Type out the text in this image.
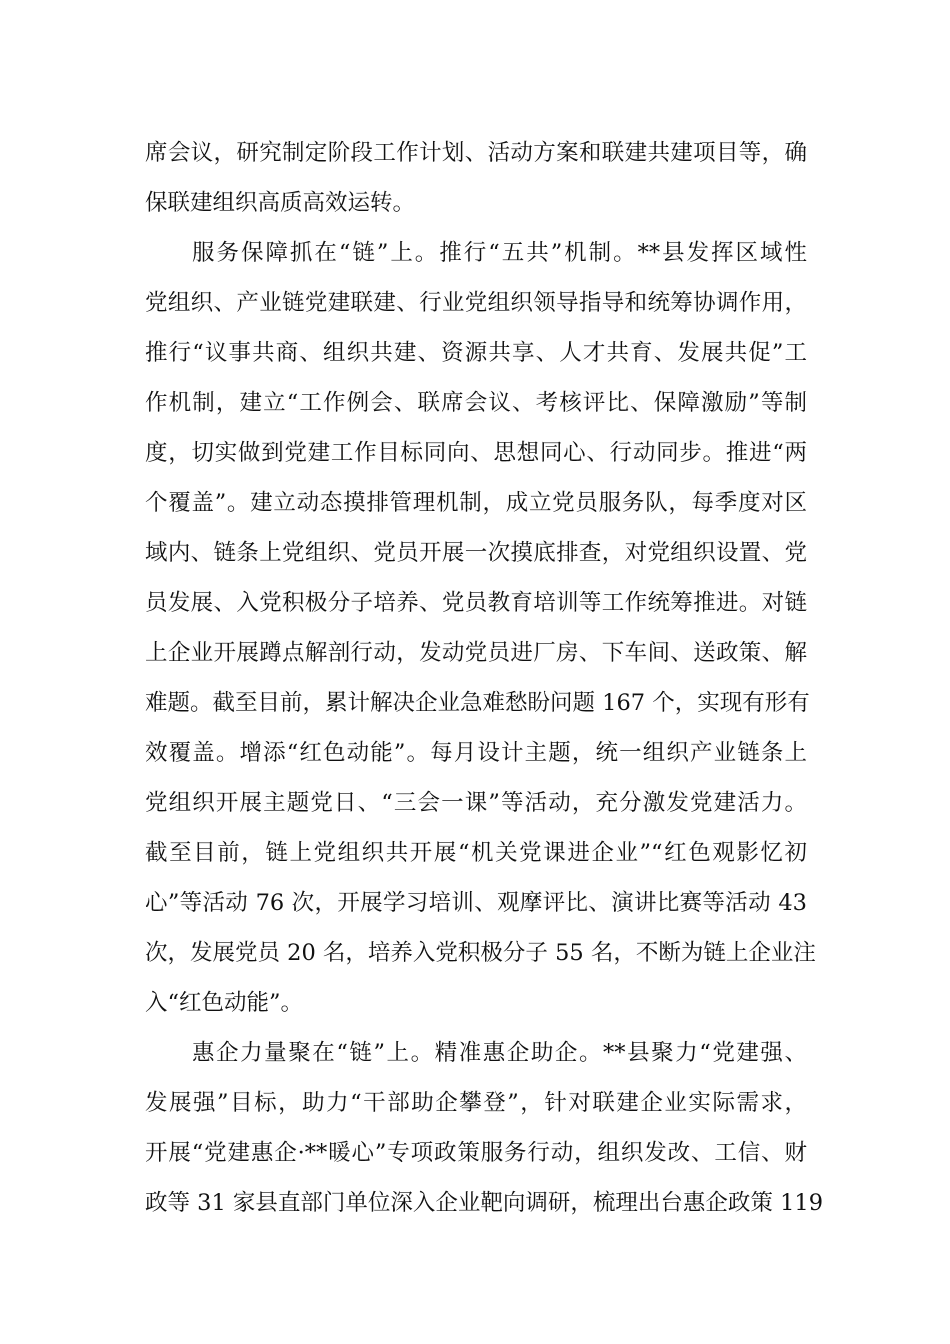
席会议，研究制定阶段工作计划、活动方案和联建共建项目等，确
保联建组织高质高效运转。
服务保障抓在“链”上。推行“五共”机制。**县发挥区域性
党组织、产业链党建联建、行业党组织领导指导和统筹协调作用，
推行“议事共商、组织共建、资源共享、人才共育、发展共促”工
作机制，建立“工作例会、联席会议、考核评比、保障激励”等制
度，切实做到党建工作目标同向、思想同心、行动同步。推进“两
个覆盖”。建立动态摸排管理机制，成立党员服务队，每季度对区
域内、链条上党组织、党员开展一次摸底排查，对党组织设置、党
员发展、入党积极分子培养、党员教育培训等工作统筹推进。对链
上企业开展蹲点解剖行动，发动党员进厂房、下车间、送政策、解
难题。截至目前，累计解决企业急难愁盼问题 167 个，实现有形有
效覆盖。增添“红色动能”。每月设计主题，统一组织产业链条上
党组织开展主题党日、“三会一课”等活动，充分激发党建活力。
截至目前，链上党组织共开展“机关党课进企业”“红色观影忆初
心”等活动 76 次，开展学习培训、观摩评比、演讲比赛等活动 43
次，发展党员 20 名，培养入党积极分子 55 名，不断为链上企业注
入“红色动能”。
惠企力量聚在“链”上。精准惠企助企。**县聚力“党建强、
发展强”目标，助力“干部助企攀登”，针对联建企业实际需求，
开展“党建惠企·**暖心”专项政策服务行动，组织发改、工信、财
政等 31 家县直部门单位深入企业靶向调研，梳理出台惠企政策 119
